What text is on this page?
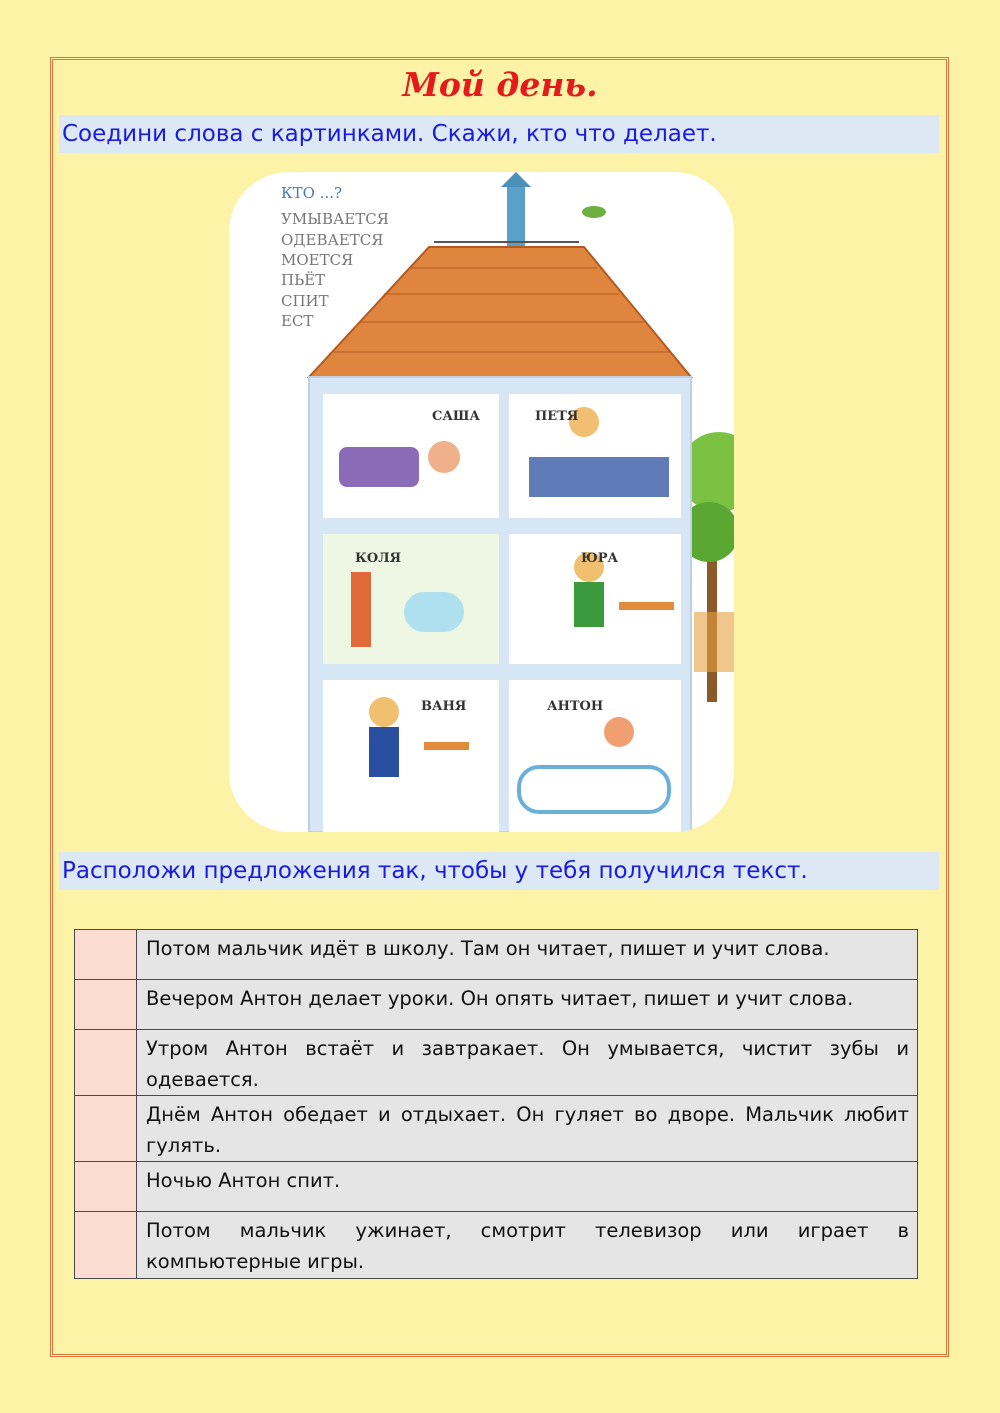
Мой день.
Соедини слова с картинками. Скажи, кто что делает.
КТО ...?
УМЫВАЕТСЯ
ОДЕВАЕТСЯ
МОЕТСЯ
ПЬЁТ
СПИТ
ЕСТ
САША	ПЕТЯ
КОЛЯ	ЮРА
ВАНЯ	АНТОН
Расположи предложения так, чтобы у тебя получился текст.
	Потом мальчик идёт в школу. Там он читает, пишет и учит слова.
	Вечером Антон делает уроки. Он опять читает, пишет и учит слова.
	Утром Антон встаёт и завтракает. Он умывается, чистит зубы и одевается.
	Днём Антон обедает и отдыхает. Он гуляет во дворе. Мальчик любит гулять.
	Ночью Антон спит.
	Потом мальчик ужинает, смотрит телевизор или играет в компьютерные игры.
